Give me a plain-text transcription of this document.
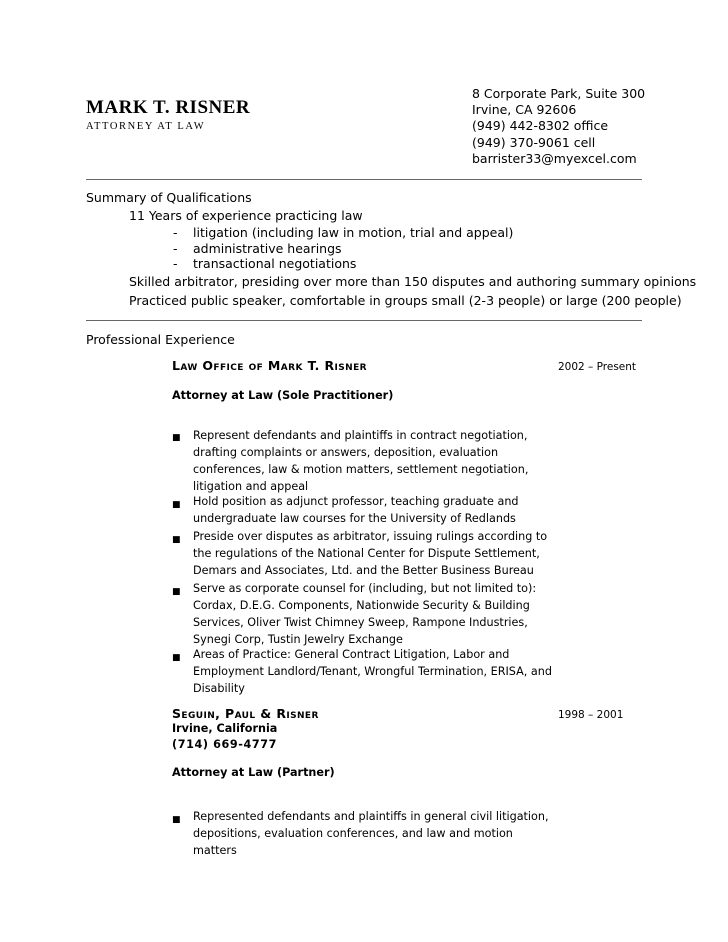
MARK T. RISNER
ATTORNEY AT LAW
8 Corporate Park, Suite 300
Irvine, CA 92606
(949) 442-8302 office
(949) 370-9061 cell
barrister33@myexcel.com
Summary of Qualifications
11 Years of experience practicing law
- litigation (including law in motion, trial and appeal)
- administrative hearings
- transactional negotiations
Skilled arbitrator, presiding over more than 150 disputes and authoring summary opinions
Practiced public speaker, comfortable in groups small (2-3 people) or large (200 people)
Professional Experience
Law Office of Mark T. Risner	2002 – Present
Attorney at Law (Sole Practitioner)
■ Represent defendants and plaintiffs in contract negotiation, drafting complaints or answers, deposition, evaluation conferences, law & motion matters, settlement negotiation, litigation and appeal
■ Hold position as adjunct professor, teaching graduate and undergraduate law courses for the University of Redlands
■ Preside over disputes as arbitrator, issuing rulings according to the regulations of the National Center for Dispute Settlement, Demars and Associates, Ltd. and the Better Business Bureau
■ Serve as corporate counsel for (including, but not limited to): Cordax, D.E.G. Components, Nationwide Security & Building Services, Oliver Twist Chimney Sweep, Rampone Industries, Synegi Corp, Tustin Jewelry Exchange
■ Areas of Practice: General Contract Litigation, Labor and Employment Landlord/Tenant, Wrongful Termination, ERISA, and Disability
Seguin, Paul & Risner	1998 – 2001
Irvine, California
(714) 669-4777
Attorney at Law (Partner)
■ Represented defendants and plaintiffs in general civil litigation, depositions, evaluation conferences, and law and motion matters
